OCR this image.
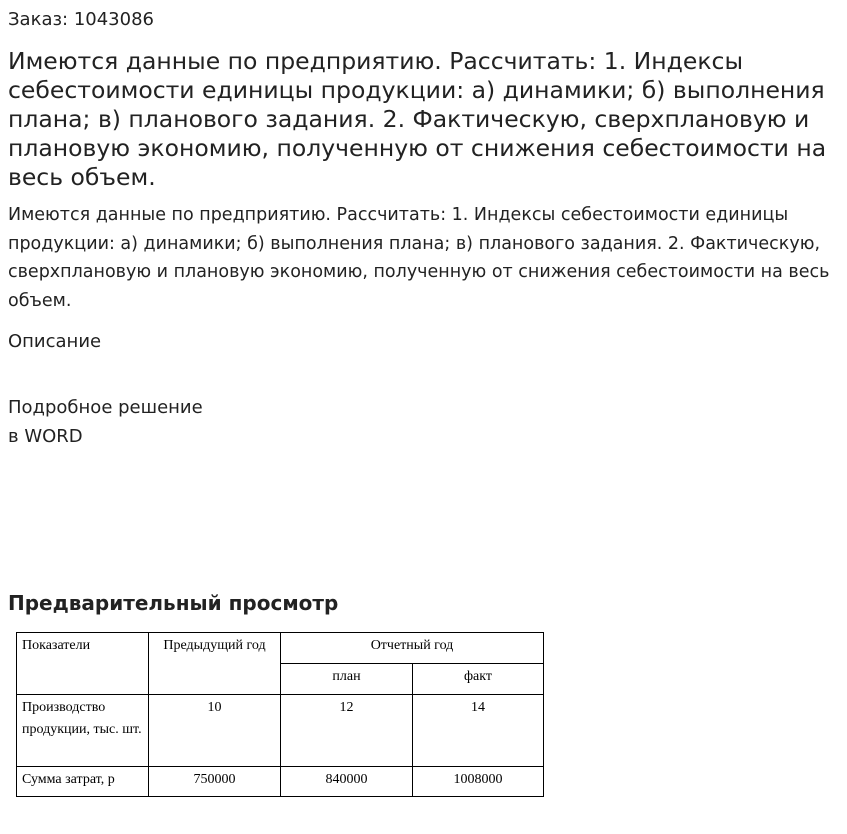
Заказ: 1043086
Имеются данные по предприятию. Рассчитать: 1. Индексы себестоимости единицы продукции: а) динамики; б) выполнения плана; в) планового задания. 2. Фактическую, сверхплановую и плановую экономию, полученную от снижения себестоимости на весь объем.
Имеются данные по предприятию. Рассчитать: 1. Индексы себестоимости единицы продукции: а) динамики; б) выполнения плана; в) планового задания. 2. Фактическую, сверхплановую и плановую экономию, полученную от снижения себестоимости на весь объем.
Описание
Подробное решение
в WORD
Предварительный просмотр
Показатели	Предыдущий год	Отчетный год	
		план	факт
Производство продукции, тыс. шт.	10	12	14
Сумма затрат, р	750000	840000	1008000
